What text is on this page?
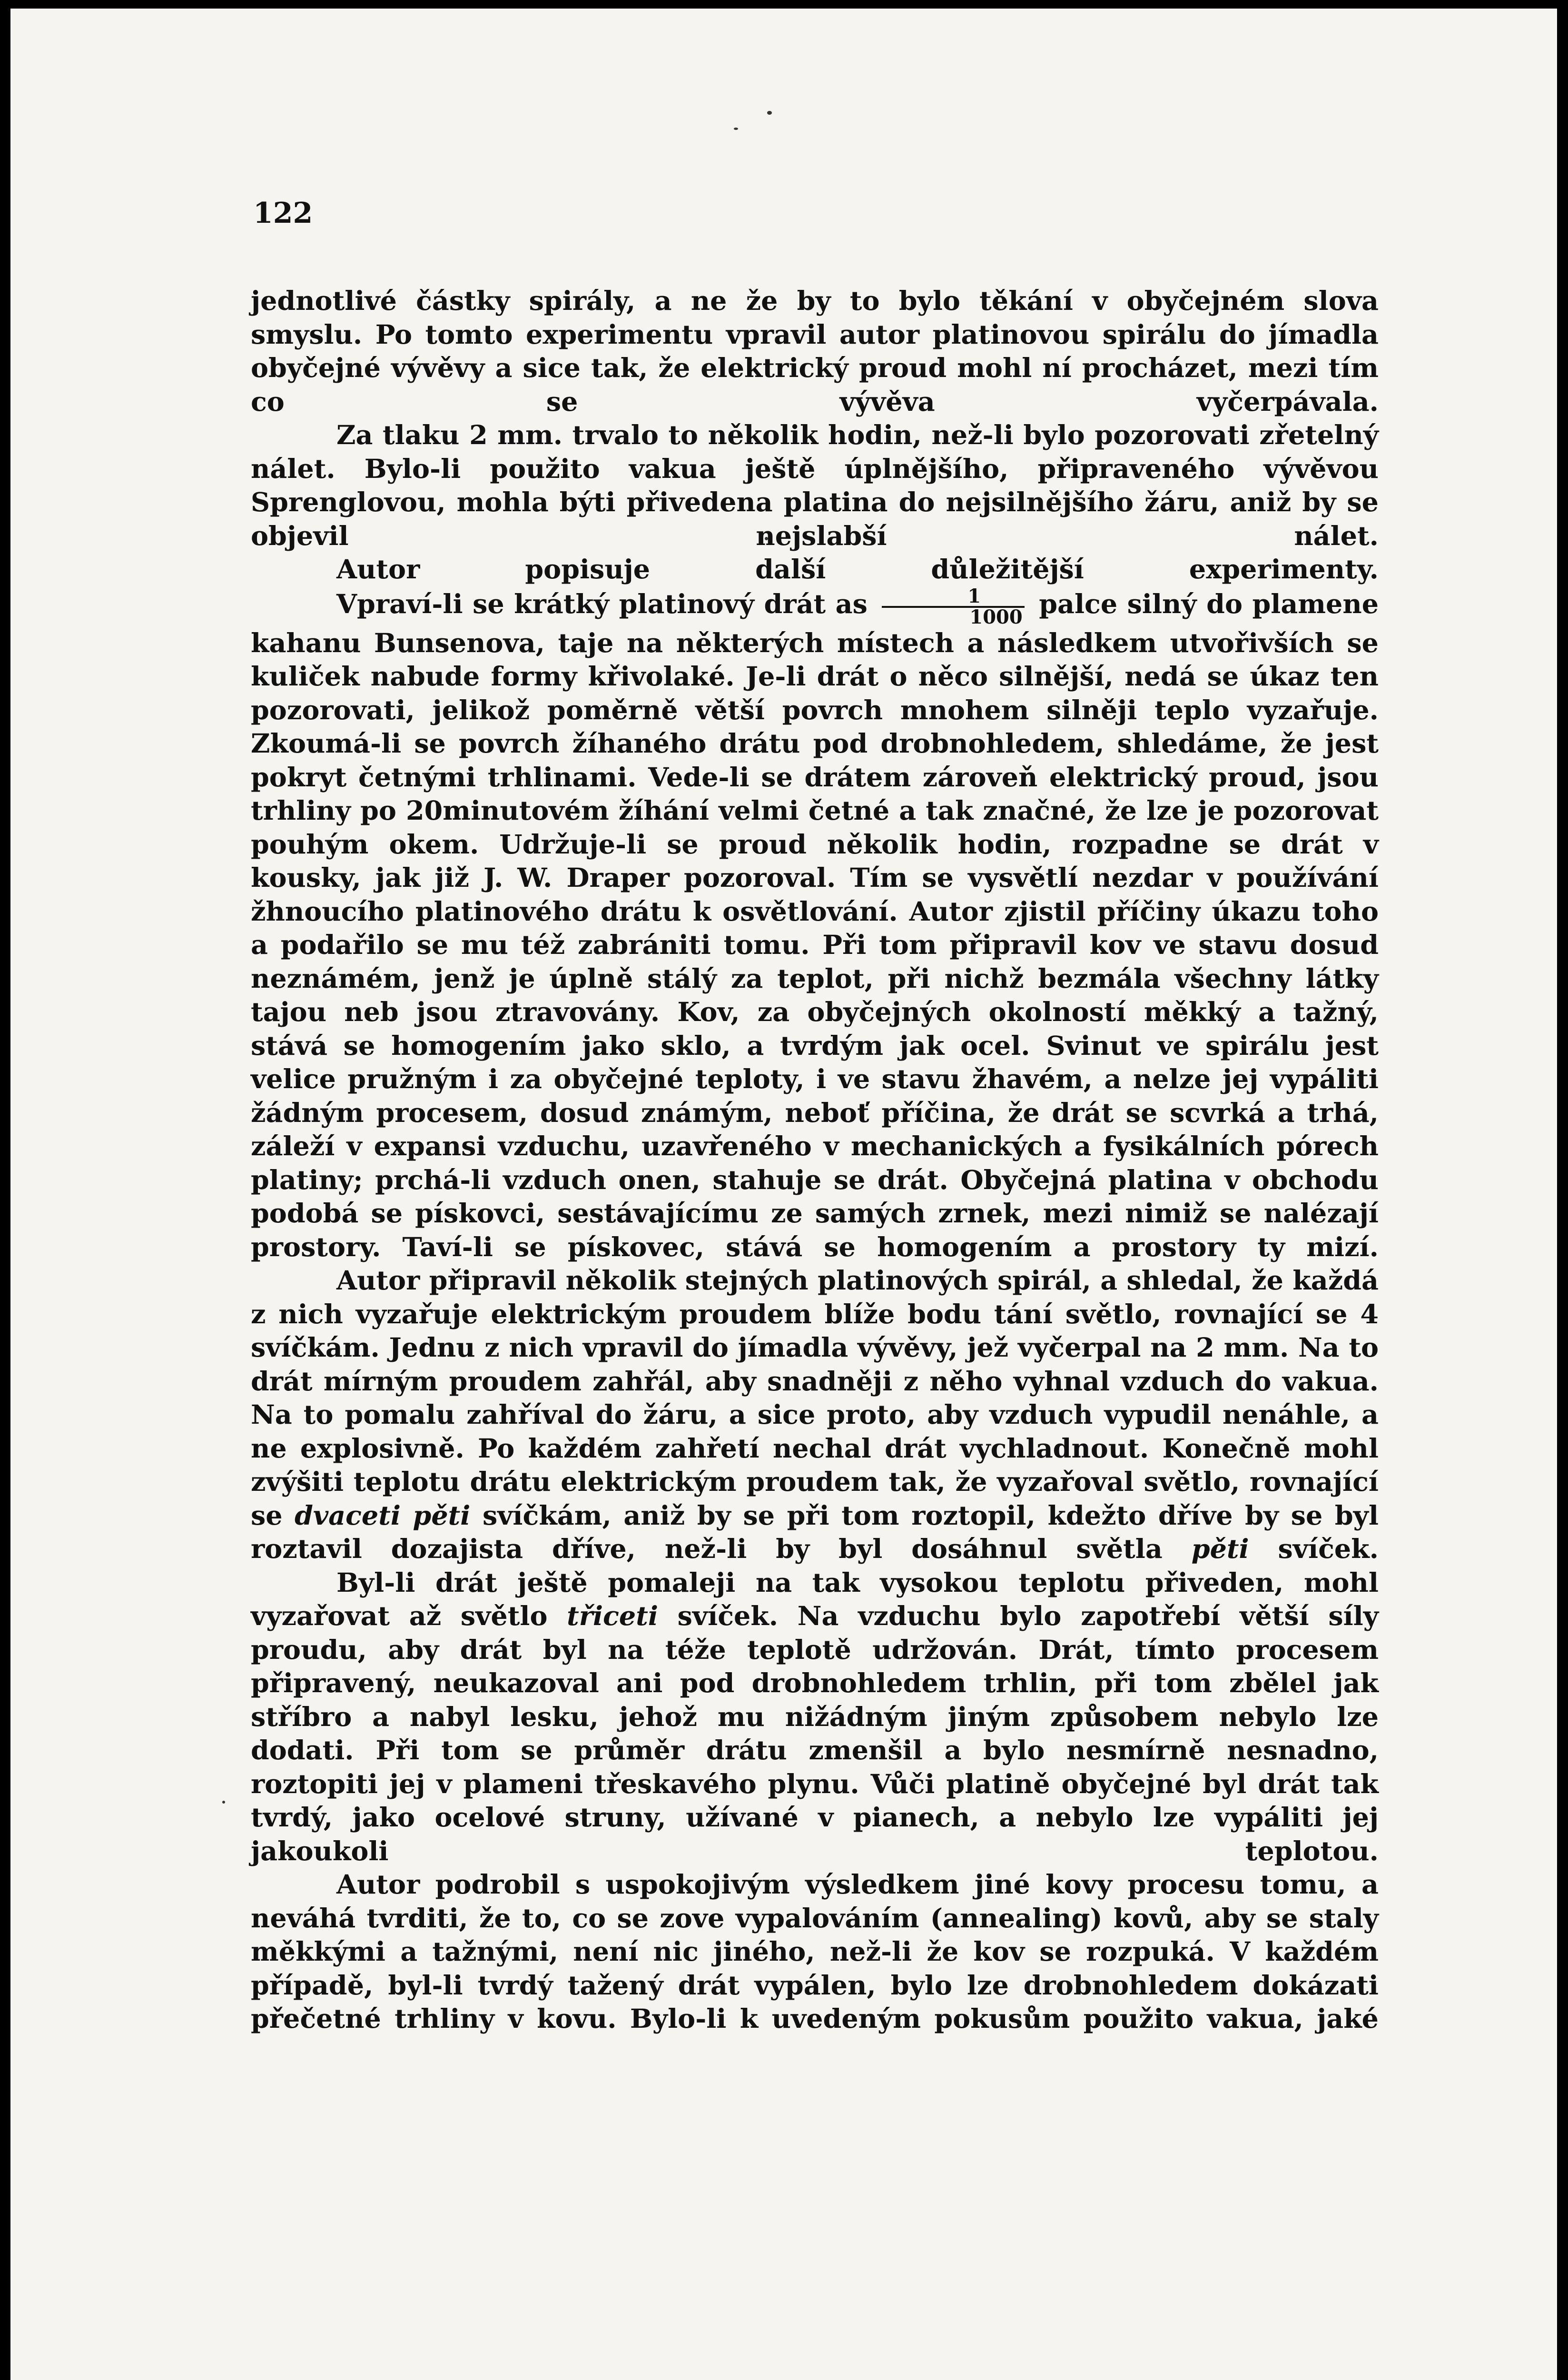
122

jednotlivé částky spirály, a ne že by to bylo těkání v obyčejném slova smyslu. Po tomto experimentu vpravil autor platinovou spirálu do jímadla obyčejné vývěvy a sice tak, že elektrický proud mohl ní procházet, mezi tím co se	vývěva vyčerpávala.

Za tlaku 2 mm. trvalo to několik hodin, než-li bylo pozorovati zřetelný nálet. Bylo-li použito vakua ještě úplnějšího, připraveného vývěvou Sprenglovou, mohla býti přivedena platina do nejsilnějšího žáru, aniž by se objevil	nejslabší nálet.

Autor popisuje další důležitější experimenty.

Vpraví-li se krátký platinový drát as $\frac{1}{1000}$ palce silný do plamene kahanu Bunsenova, taje na některých místech a následkem utvořivších se kuliček nabude formy křivolaké. Je-li drát o něco silnější, nedá se úkaz ten pozorovati, jelikož poměrně větší povrch mnohem silněji teplo vyzařuje. Zkoumá-li se povrch žíhaného drátu pod drobnohledem, shledáme, že jest pokryt četnými trhlinami. Vede-li se drátem zároveň elektrický proud, jsou trhliny po 20minutovém žíhání velmi četné a tak značné, že lze je pozorovat pouhým okem. Udržuje-li se proud několik hodin, rozpadne se drát v kousky, jak již J. W. Draper pozoroval. Tím se vysvětlí nezdar v používání žhnoucího platinového drátu k osvětlování. Autor zjistil příčiny úkazu toho a podařilo se mu též zabrániti tomu. Při tom připravil kov ve stavu dosud neznámém, jenž je úplně stálý za teplot, při nichž bezmála všechny látky tajou neb jsou ztravovány. Kov, za obyčejných okolností měkký a tažný, stává se homogením jako sklo, a tvrdým jak ocel. Svinut ve spirálu jest velice pružným i za obyčejné teploty, i ve stavu žhavém, a nelze jej vypáliti žádným procesem, dosud známým, neboť příčina, že drát se scvrká a trhá, záleží v expansi vzduchu, uzavřeného v mechanických a fysikálních pórech platiny; prchá-li vzduch onen, stahuje se drát. Obyčejná platina v obchodu podobá se pískovci, sestávajícímu ze samých zrnek, mezi nimiž se nalézají prostory. Taví-li se pískovec, stává se homogením a prostory ty mizí.

Autor připravil několik stejných platinových spirál, a shledal, že každá z nich vyzařuje elektrickým proudem blíže bodu tání světlo, rovnající se 4 svíčkám. Jednu z nich vpravil do jímadla vývěvy, jež vyčerpal na 2 mm. Na to drát mírným proudem zahřál, aby snadněji z něho vyhnal vzduch do vakua. Na to pomalu zahříval do žáru, a sice proto, aby vzduch vypudil nenáhle, a ne explosivně. Po každém zahřetí nechal drát vychladnout. Konečně mohl zvýšiti teplotu drátu elektrickým proudem tak, že vyzařoval světlo, rovnající se dvaceti pěti svíčkám, aniž by se při tom roztopil, kdežto dříve by se byl roztavil dozajista dříve, než-li by byl dosáhnul světla pěti svíček.

Byl-li drát ještě pomaleji na tak vysokou teplotu přiveden, mohl vyzařovat až světlo třiceti svíček. Na vzduchu bylo zapotřebí větší síly proudu, aby drát byl na téže teplotě udržován. Drát, tímto procesem připravený, neukazoval ani pod drobnohledem trhlin, při tom zbělel jak stříbro a nabyl lesku, jehož mu nižádným jiným způsobem nebylo lze dodati. Při tom se průměr drátu zmenšil a bylo nesmírně nesnadno, roztopiti jej v plameni třeskavého plynu. Vůči platině obyčejné byl drát tak tvrdý, jako ocelové struny, užívané v pianech, a nebylo lze vypáliti jej jakoukoli teplotou.

Autor podrobil s uspokojivým výsledkem jiné kovy procesu tomu, a neváhá tvrditi, že to, co se zove vypalováním (annealing) kovů, aby se staly měkkými a tažnými, není nic jiného, než-li že kov se rozpuká. V každém případě, byl-li tvrdý tažený drát vypálen, bylo lze drobnohledem dokázati přečetné trhliny v kovu. Bylo-li k uvedeným pokusům použito vakua, jaké
